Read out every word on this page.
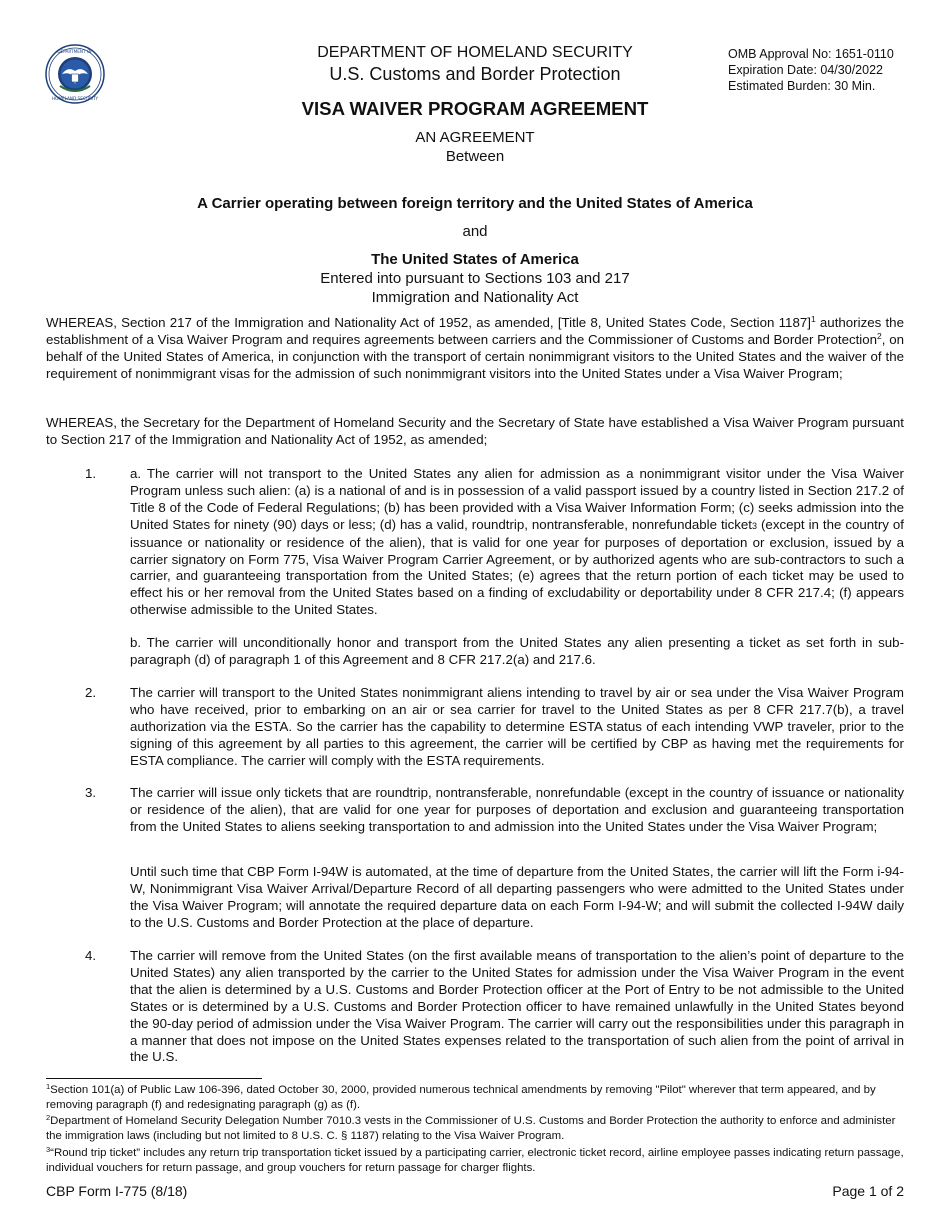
DEPARTMENT OF
HOMELAND SECURITY
DEPARTMENT OF HOMELAND SECURITY
U.S. Customs and Border Protection
OMB Approval No: 1651-0110
Expiration Date: 04/30/2022
Estimated Burden: 30 Min.
VISA WAIVER PROGRAM AGREEMENT
AN AGREEMENT
Between
A Carrier operating between foreign territory and the United States of America
and
The United States of America
Entered into pursuant to Sections 103 and 217
Immigration and Nationality Act

WHEREAS, Section 217 of the Immigration and Nationality Act of 1952, as amended, [Title 8, United States Code, Section 1187]$^1$ authorizes the establishment of a Visa Waiver Program and requires agreements between carriers and the Commissioner of Customs and Border Protection$^2$, on behalf of the United States of America, in conjunction with the transport of certain nonimmigrant visitors to the United States and the waiver of the requirement of nonimmigrant visas for the admission of such nonimmigrant visitors into the United States under a Visa Waiver Program;

WHEREAS, the Secretary for the Department of Homeland Security and the Secretary of State have established a Visa Waiver Program pursuant to Section 217 of the Immigration and Nationality Act of 1952, as amended;

1.	a. The carrier will not transport to the United States any alien for admission as a nonimmigrant visitor under the Visa Waiver Program unless such alien: (a) is a national of and is in possession of a valid passport issued by a country listed in Section 217.2 of Title 8 of the Code of Federal Regulations; (b) has been provided with a Visa Waiver Information Form; (c) seeks admission into the United States for ninety (90) days or less; (d) has a valid, roundtrip, nontransferable, nonrefundable ticket3 (except in the country of issuance or nationality or residence of the alien), that is valid for one year for purposes of deportation or exclusion, issued by a carrier signatory on Form 775, Visa Waiver Program Carrier Agreement, or by authorized agents who are sub-contractors to such a carrier, and guaranteeing transportation from the United States; (e) agrees that the return portion of each ticket may be used to effect his or her removal from the United States based on a finding of excludability or deportability under 8 CFR 217.4; (f) appears otherwise admissible to the United States.

b. The carrier will unconditionally honor and transport from the United States any alien presenting a ticket as set forth in sub-paragraph (d) of paragraph 1 of this Agreement and 8 CFR 217.2(a) and 217.6.

2.	The carrier will transport to the United States nonimmigrant aliens intending to travel by air or sea under the Visa Waiver Program who have received, prior to embarking on an air or sea carrier for travel to the United States as per 8 CFR 217.7(b), a travel authorization via the ESTA. So the carrier has the capability to determine ESTA status of each intending VWP traveler, prior to the signing of this agreement by all parties to this agreement, the carrier will be certified by CBP as having met the requirements for ESTA compliance. The carrier will comply with the ESTA requirements.

3.	The carrier will issue only tickets that are roundtrip, nontransferable, nonrefundable (except in the country of issuance or nationality or residence of the alien), that are valid for one year for purposes of deportation and exclusion and guaranteeing transportation from the United States to aliens seeking transportation to and admission into the United States under the Visa Waiver Program;

Until such time that CBP Form I-94W is automated, at the time of departure from the United States, the carrier will lift the Form i-94-W, Nonimmigrant Visa Waiver Arrival/Departure Record of all departing passengers who were admitted to the United States under the Visa Waiver Program; will annotate the required departure data on each Form I-94-W; and will submit the collected I-94W daily to the U.S. Customs and Border Protection at the place of departure.

4.	The carrier will remove from the United States (on the first available means of transportation to the alien’s point of departure to the United States) any alien transported by the carrier to the United States for admission under the Visa Waiver Program in the event that the alien is determined by a U.S. Customs and Border Protection officer at the Port of Entry to be not admissible to the United States or is determined by a U.S. Customs and Border Protection officer to have remained unlawfully in the United States beyond the 90-day period of admission under the Visa Waiver Program. The carrier will carry out the responsibilities under this paragraph in a manner that does not impose on the United States expenses related to the transportation of such alien from the point of arrival in the U.S.

$^1$Section 101(a) of Public Law 106-396, dated October 30, 2000, provided numerous technical amendments by removing "Pilot" wherever that term appeared, and by removing paragraph (f) and redesignating paragraph (g) as (f).

$^2$Department of Homeland Security Delegation Number 7010.3 vests in the Commissioner of U.S. Customs and Border Protection the authority to enforce and administer the immigration laws (including but not limited to 8 U.S. C. § 1187) relating to the Visa Waiver Program.

$^3$“Round trip ticket” includes any return trip transportation ticket issued by a participating carrier, electronic ticket record, airline employee passes indicating return passage, individual vouchers for return passage, and group vouchers for return passage for charger flights.

CBP Form I-775 (8/18)	Page 1 of 2
